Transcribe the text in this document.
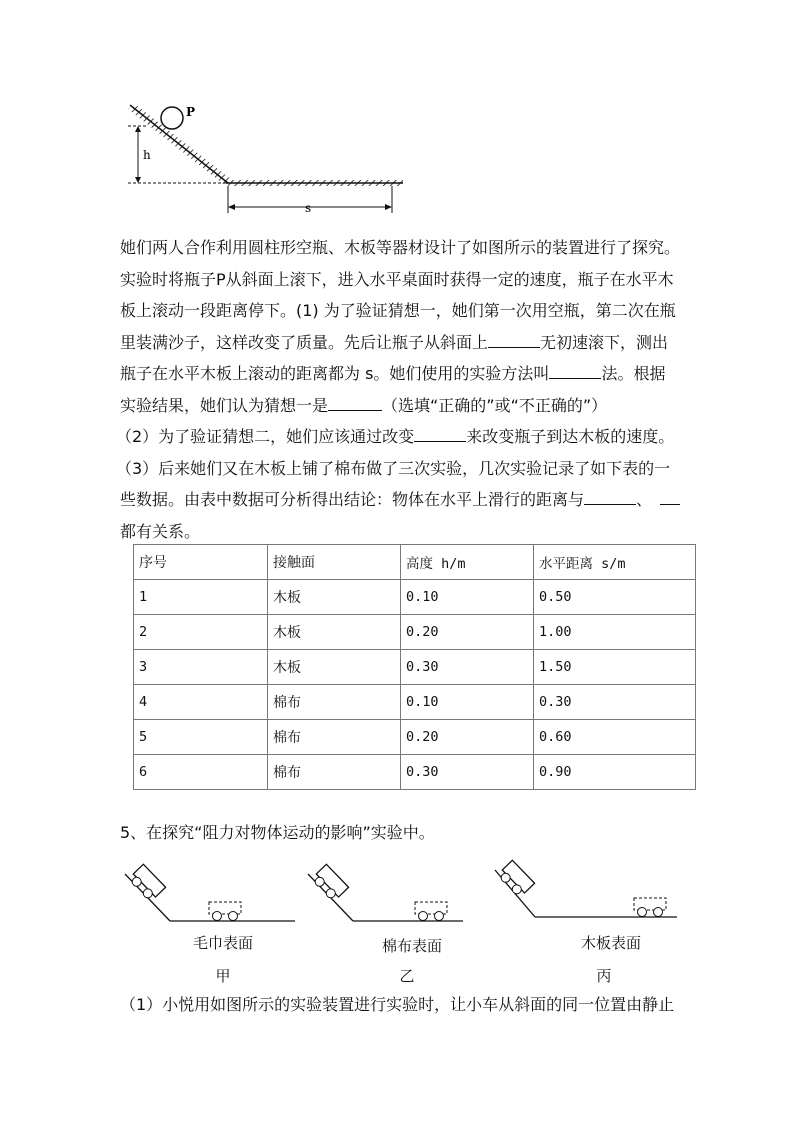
P
h
s

她们两人合作利用圆柱形空瓶、木板等器材设计了如图所示的装置进行了探究。

实验时将瓶子P从斜面上滚下，进入水平桌面时获得一定的速度，瓶子在水平木

板上滚动一段距离停下。(1) 为了验证猜想一，她们第一次用空瓶，第二次在瓶

里装满沙子，这样改变了质量。先后让瓶子从斜面上	无初速滚下，测出

瓶子在水平木板上滚动的距离都为 s。她们使用的实验方法叫	法。根据

实验结果，她们认为猜想一是	（选填“正确的”或“不正确的”）

（2）为了验证猜想二，她们应该通过改变	来改变瓶子到达木板的速度。

（3）后来她们又在木板上铺了棉布做了三次实验，几次实验记录了如下表的一

些数据。由表中数据可分析得出结论：物体在水平上滑行的距离与	、

都有关系。

序号	接触面	高度 h/m	水平距离 s/m
1	木板	0.10	0.50
2	木板	0.20	1.00
3	木板	0.30	1.50
4	棉布	0.10	0.30
5	棉布	0.20	0.60
6	棉布	0.30	0.90
5、在探究“阻力对物体运动的影响”实验中。
毛巾表面	棉布表面	木板表面
甲	乙	丙
（1）小悦用如图所示的实验装置进行实验时，让小车从斜面的同一位置由静止
